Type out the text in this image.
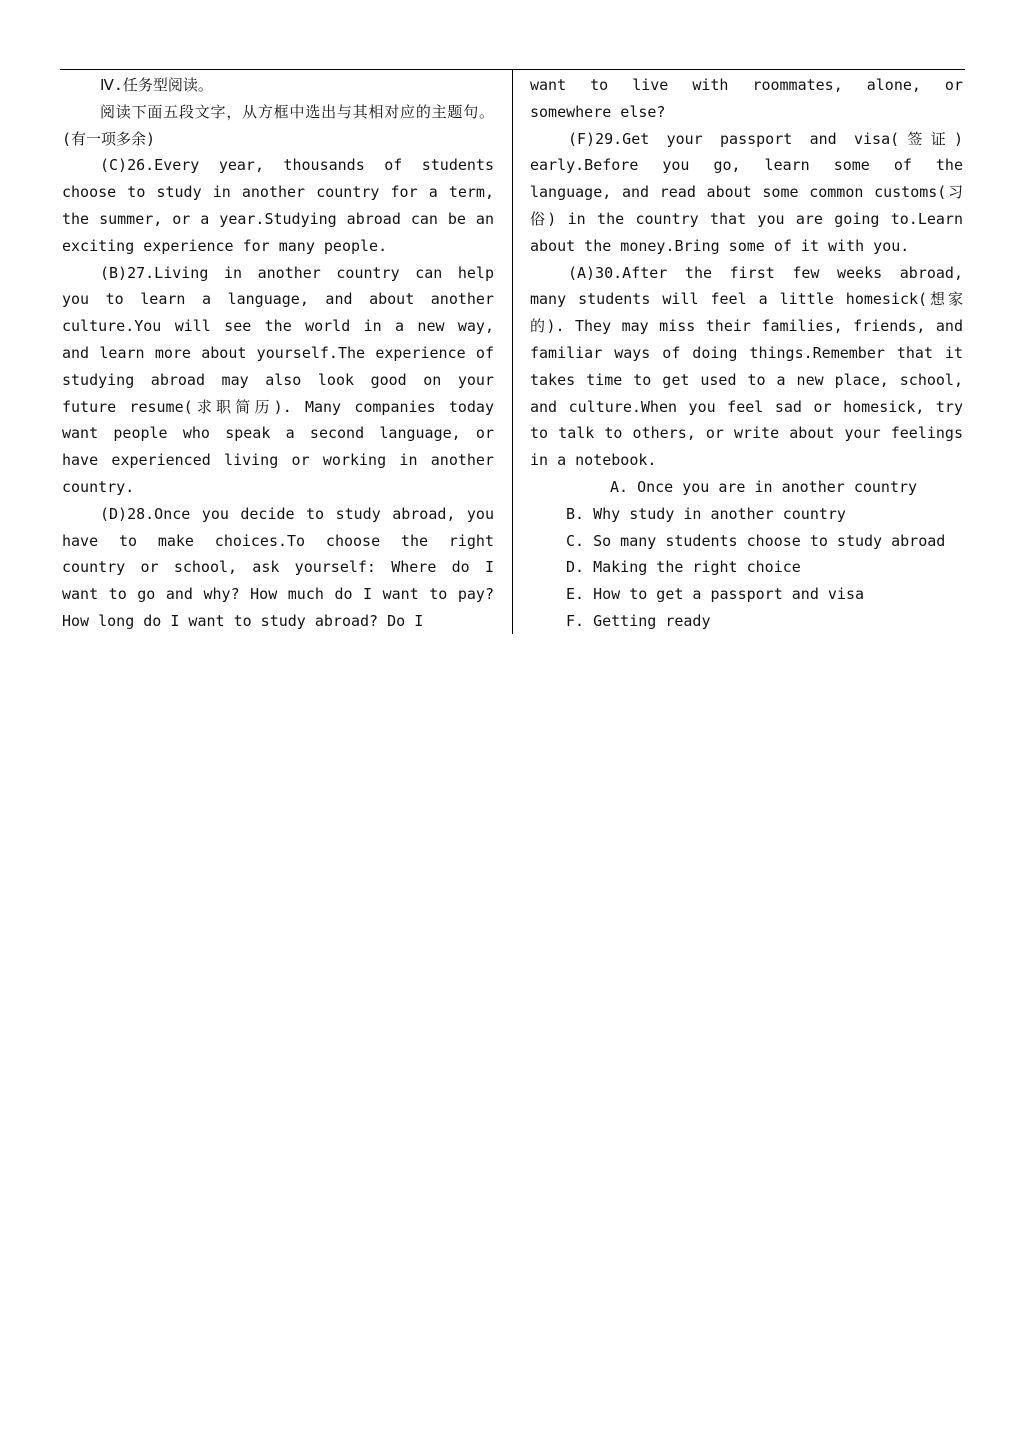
Ⅳ.任务型阅读。

阅读下面五段文字，从方框中选出与其相对应的主题句。(有一项多余)

(C)26.Every year, thousands of students choose to study in another country for a term, the summer, or a year.Studying abroad can be an exciting experience for many people.

(B)27.Living in another country can help you to learn a language, and about another culture.You will see the world in a new way, and learn more about yourself.The experience of studying abroad may also look good on your future resume(求职简历). Many companies today want people who speak a second language, or have experienced living or working in another country.

(D)28.Once you decide to study abroad, you have to make choices.To choose the right country or school, ask yourself: Where do I want to go and why? How much do I want to pay? How long do I want to study abroad? Do I

want to live with roommates, alone, or somewhere else?

(F)29.Get your passport and visa(签证) early.Before you go, learn some of the language, and read about some common customs(习俗) in the country that you are going to.Learn about the money.Bring some of it with you.

(A)30.After the first few weeks abroad, many students will feel a little homesick(想家的). They may miss their families, friends, and familiar ways of doing things.Remember that it takes time to get used to a new place, school, and culture.When you feel sad or homesick, try to talk to others, or write about your feelings in a notebook.

A. Once you are in another country
B. Why study in another country
C. So many students choose to study abroad
D. Making the right choice
E. How to get a passport and visa
F. Getting ready
